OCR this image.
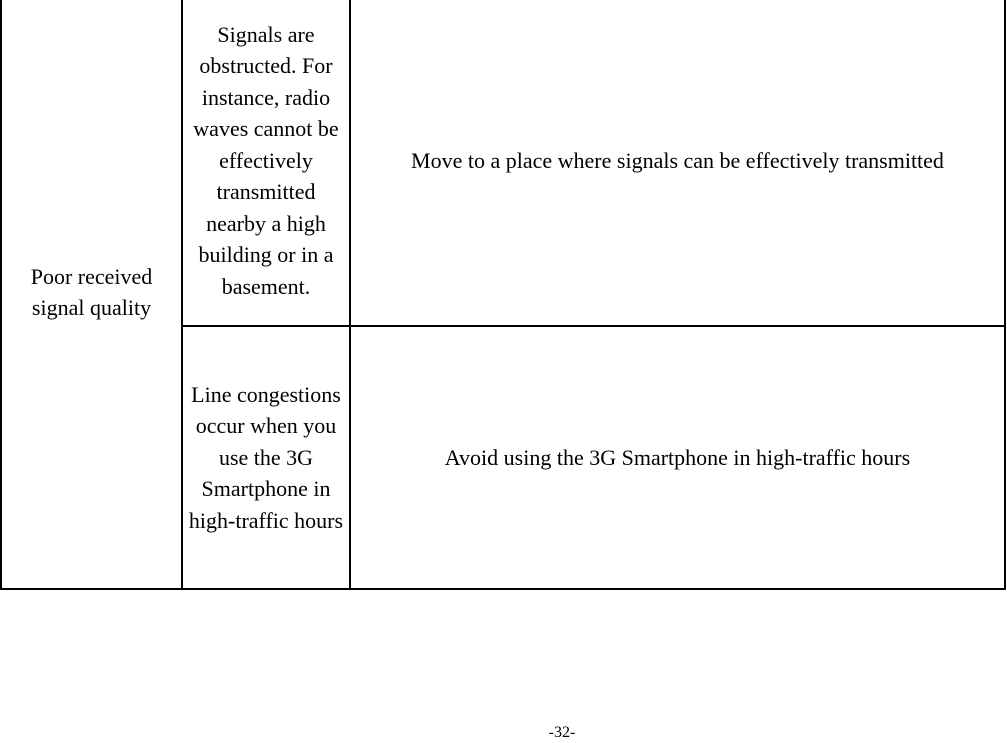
Poor received signal quality	Signals are obstructed. For instance, radio waves cannot be effectively transmitted nearby a high building or in a basement.	Move to a place where signals can be effectively transmitted
	Line congestions occur when you use the 3G Smartphone in high-traffic hours	Avoid using the 3G Smartphone in high-traffic hours
-32-
